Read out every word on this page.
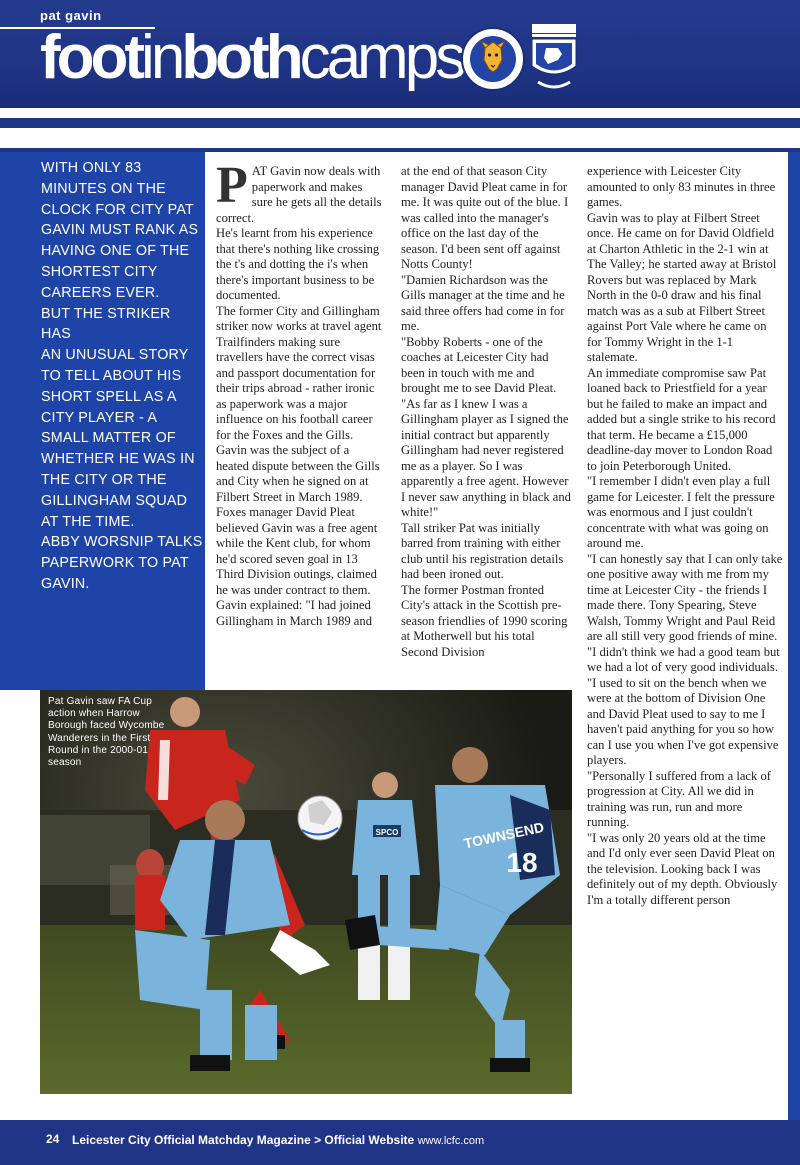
pat gavin
footinbothcamps

WITH ONLY 83

MINUTES ON THE

CLOCK FOR CITY PAT

GAVIN MUST RANK AS

HAVING ONE OF THE

SHORTEST CITY

CAREERS EVER.

BUT THE STRIKER HAS

AN UNUSUAL STORY

TO TELL ABOUT HIS

SHORT SPELL AS A

CITY PLAYER - A

SMALL MATTER OF

WHETHER HE WAS IN

THE CITY OR THE

GILLINGHAM SQUAD

AT THE TIME.

ABBY WORSNIP TALKS

PAPERWORK TO PAT

GAVIN.

P AT Gavin now deals with paperwork and makes sure he gets all the details correct.

He's learnt from his experience that there's nothing like crossing the t's and dotting the i's when there's important business to be documented.

The former City and Gillingham striker now works at travel agent Trailfinders making sure travellers have the correct visas and passport documentation for their trips abroad - rather ironic as paperwork was a major influence on his football career for the Foxes and the Gills.

Gavin was the subject of a heated dispute between the Gills and City when he signed on at Filbert Street in March 1989.

Foxes manager David Pleat believed Gavin was a free agent while the Kent club, for whom he'd scored seven goal in 13 Third Division outings, claimed he was under contract to them.

Gavin explained: "I had joined Gillingham in March 1989 and

at the end of that season City manager David Pleat came in for me. It was quite out of the blue. I was called into the manager's office on the last day of the season. I'd been sent off against Notts County!

"Damien Richardson was the Gills manager at the time and he said three offers had come in for me.

"Bobby Roberts - one of the coaches at Leicester City had been in touch with me and brought me to see David Pleat.

"As far as I knew I was a Gillingham player as I signed the initial contract but apparently Gillingham had never registered me as a player. So I was apparently a free agent. However I never saw anything in black and white!"

Tall striker Pat was initially barred from training with either club until his registration details had been ironed out.

The former Postman fronted City's attack in the Scottish pre-season friendlies of 1990 scoring at Motherwell but his total Second Division

experience with Leicester City amounted to only 83 minutes in three games.

Gavin was to play at Filbert Street once. He came on for David Oldfield at Charton Athletic in the 2-1 win at The Valley; he started away at Bristol Rovers but was replaced by Mark North in the 0-0 draw and his final match was as a sub at Filbert Street against Port Vale where he came on for Tommy Wright in the 1-1 stalemate.

An immediate compromise saw Pat loaned back to Priestfield for a year but he failed to make an impact and added but a single strike to his record that term. He became a £15,000 deadline-day mover to London Road to join Peterborough United.

"I remember I didn't even play a full game for Leicester. I felt the pressure was enormous and I just couldn't concentrate with what was going on around me.

"I can honestly say that I can only take one positive away with me from my time at Leicester City - the friends I made there. Tony Spearing, Steve Walsh, Tommy Wright and Paul Reid are all still very good friends of mine.

"I didn't think we had a good team but we had a lot of very good individuals.

"I used to sit on the bench when we were at the bottom of Division One and David Pleat used to say to me I haven't paid anything for you so how can I use you when I've got expensive players.

"Personally I suffered from a lack of progression at City. All we did in training was run, run and more running.

"I was only 20 years old at the time and I'd only ever seen David Pleat on the television. Looking back I was definitely out of my depth. Obviously I'm a totally different person

SPCO	TOWNSEND
18
Pat Gavin saw FA Cup action when Harrow Borough faced Wycombe Wanderers in the First Round in the 2000-01 season
24 Leicester City Official Matchday Magazine > Official Website www.lcfc.com
